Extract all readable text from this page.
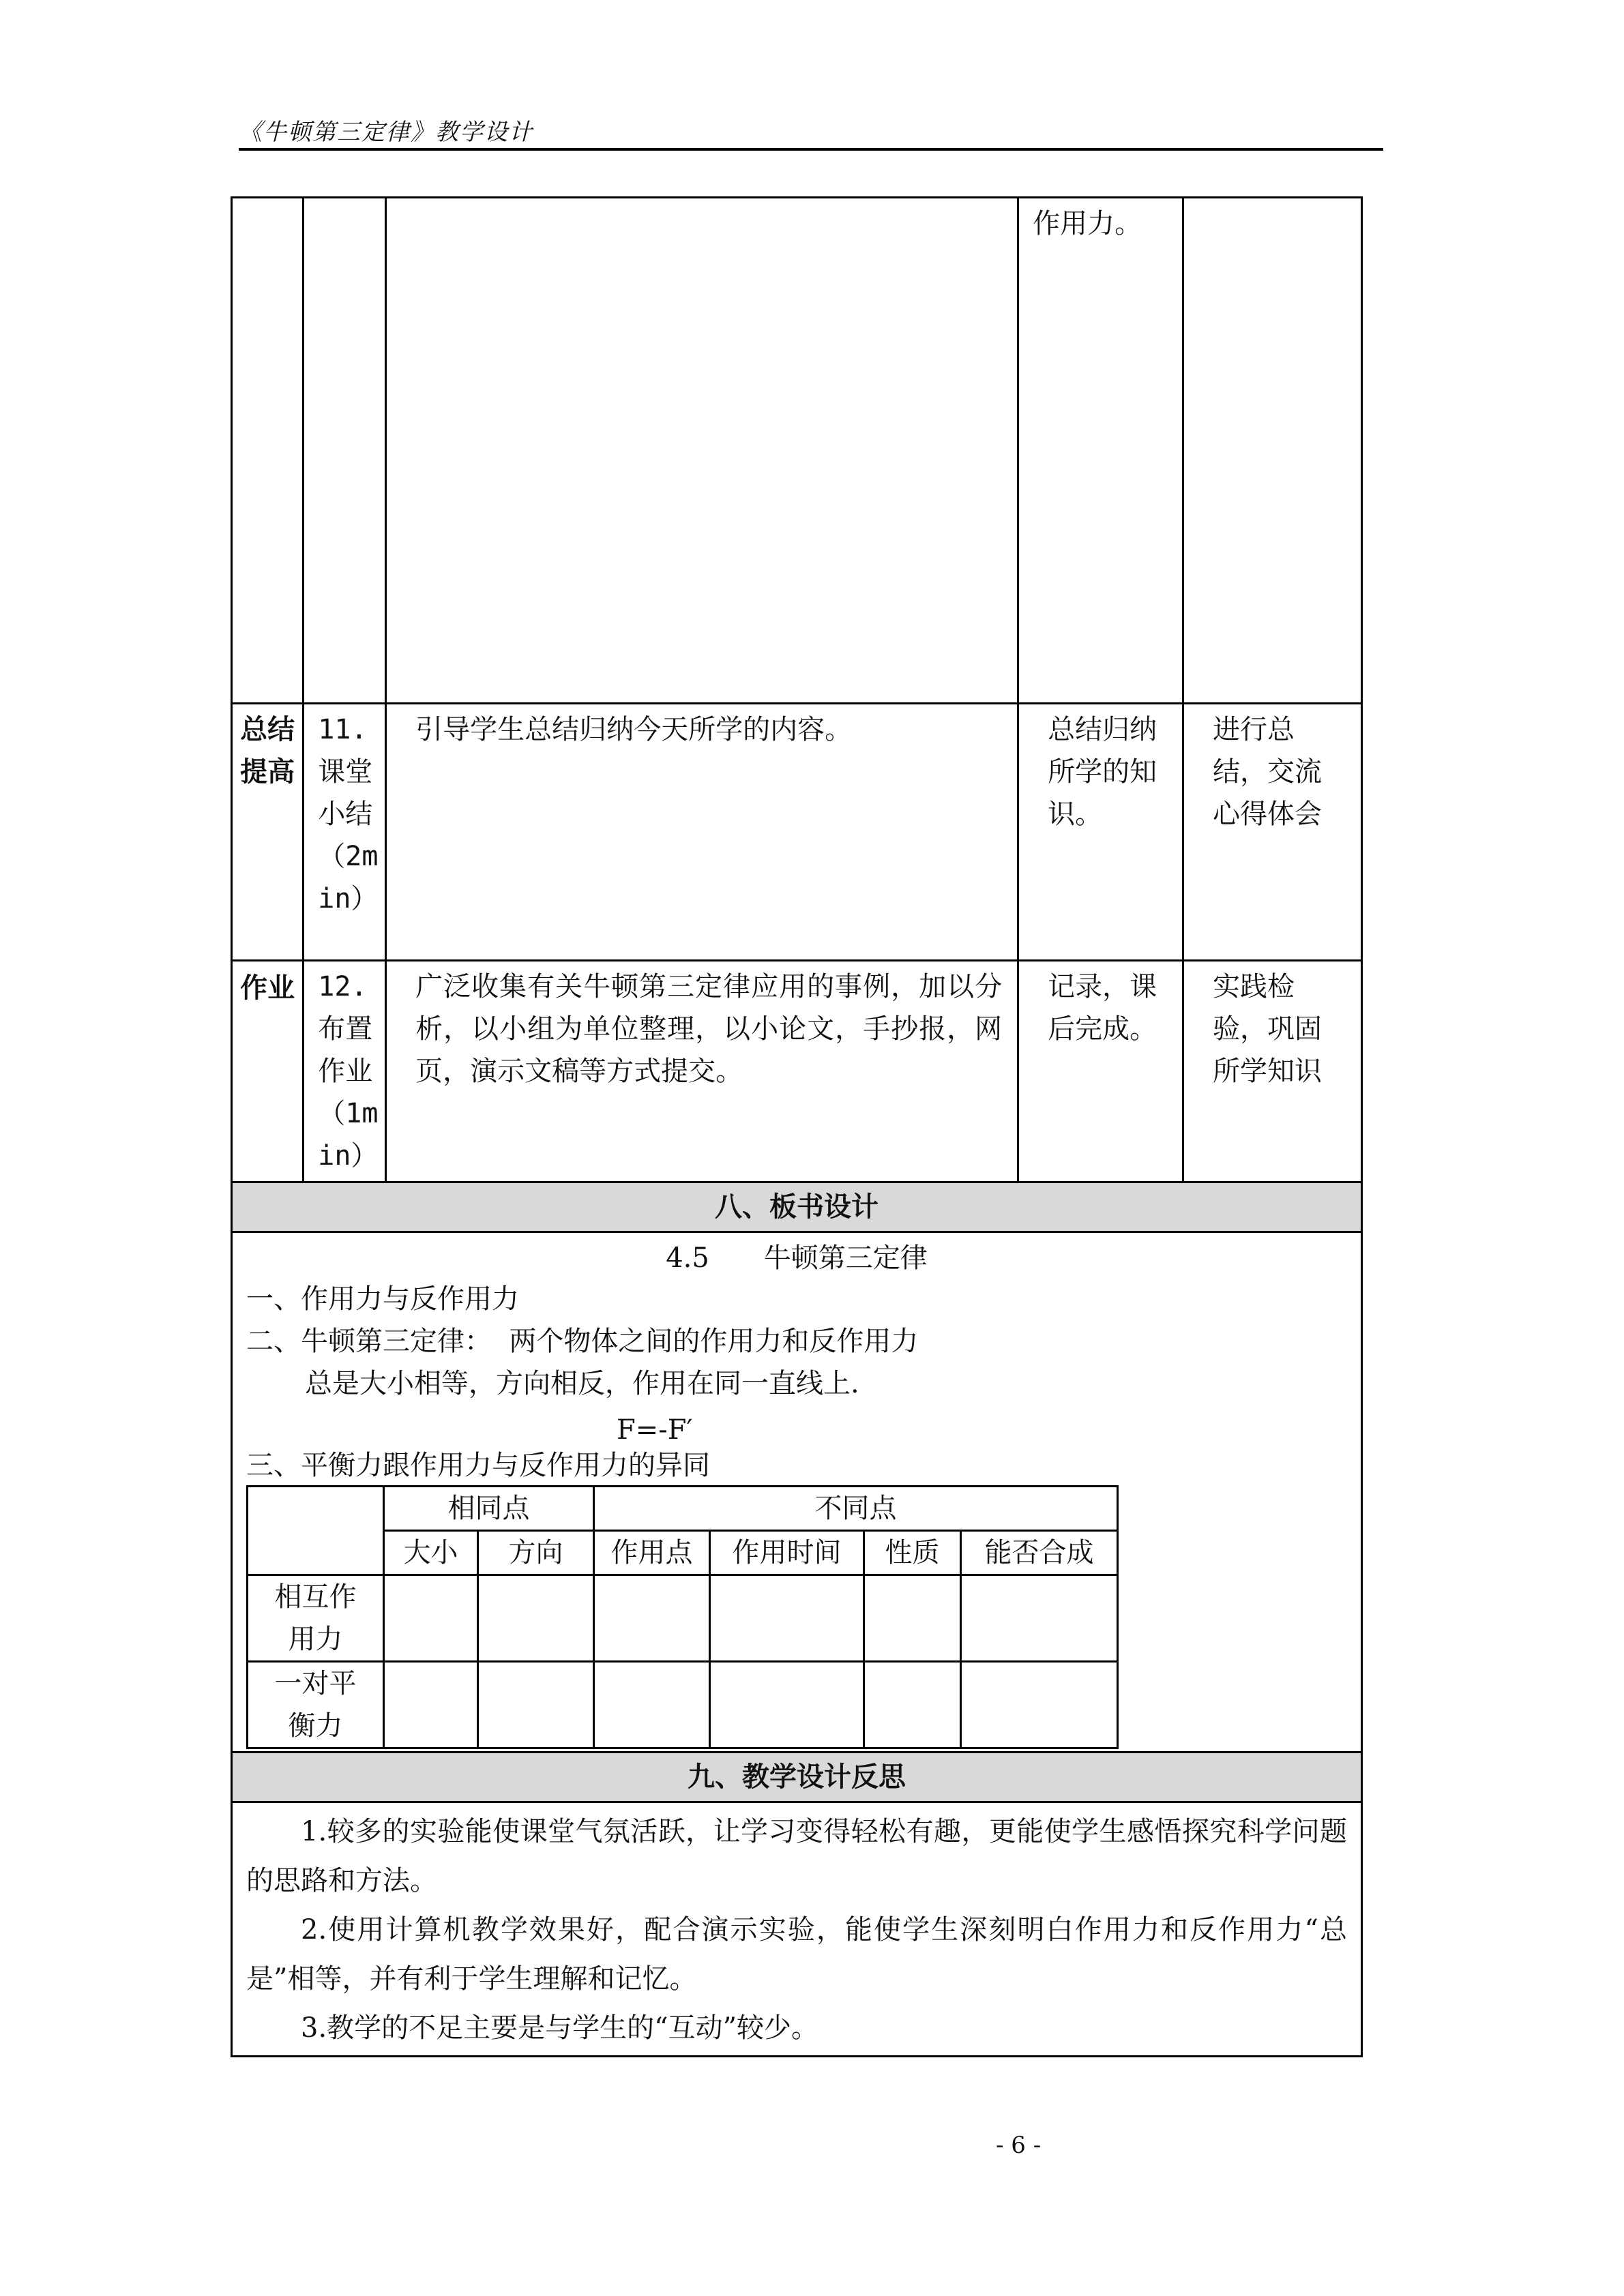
《牛顿第三定律》教学设计
			作用力。	
总结提高	11.课堂小结（2min）	引导学生总结归纳今天所学的内容。	总结归纳所学的知识。	进行总结，交流心得体会
作业	12.布置作业（1min）	广泛收集有关牛顿第三定律应用的事例，加以分析，以小组为单位整理，以小论文，手抄报，网页，演示文稿等方式提交。	记录，课后完成。	实践检验，巩固所学知识
八、板书设计

4.5　　牛顿第三定律
一、作用力与反作用力
二、牛顿第三定律：  两个物体之间的作用力和反作用力
总是大小相等，方向相反，作用在同一直线上.
F=-F′
三、平衡力跟作用力与反作用力的异同
	相同点	不同点
大小	方向	作用点	作用时间	性质	能否合成
相互作用力						
一对平衡力						

九、教学设计反思

1.较多的实验能使课堂气氛活跃，让学习变得轻松有趣，更能使学生感悟探究科学问题的思路和方法。

2.使用计算机教学效果好，配合演示实验，能使学生深刻明白作用力和反作用力“总是”相等，并有利于学生理解和记忆。

3.教学的不足主要是与学生的“互动”较少。

- 6 -
